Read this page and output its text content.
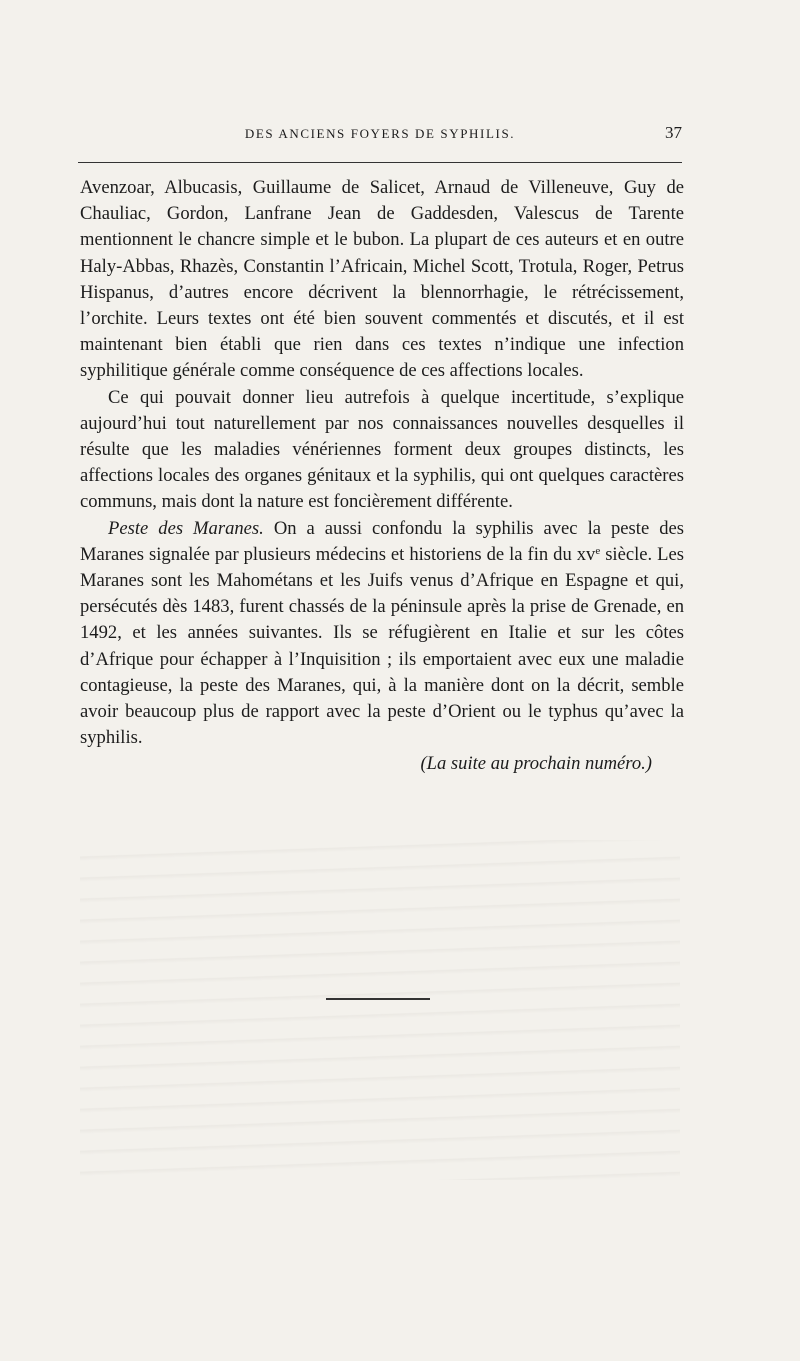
DES ANCIENS FOYERS DE SYPHILIS.	37

Avenzoar, Albucasis, Guillaume de Salicet, Arnaud de Villeneuve, Guy de Chauliac, Gordon, Lanfrane Jean de Gaddesden, Valescus de Tarente mentionnent le chancre simple et le bubon. La plupart de ces auteurs et en outre Haly-Abbas, Rhazès, Constantin l’Africain, Michel Scott, Trotula, Roger, Petrus Hispanus, d’autres encore décrivent la blennorrhagie, le rétrécissement, l’orchite. Leurs textes ont été bien souvent commentés et discutés, et il est maintenant bien établi que rien dans ces textes n’indique une infection syphilitique générale comme conséquence de ces affections locales.

Ce qui pouvait donner lieu autrefois à quelque incertitude, s’explique aujourd’hui tout naturellement par nos connaissances nouvelles desquelles il résulte que les maladies vénériennes forment deux groupes distincts, les affections locales des organes génitaux et la syphilis, qui ont quelques caractères communs, mais dont la nature est foncièrement différente.

Peste des Maranes. On a aussi confondu la syphilis avec la peste des Maranes signalée par plusieurs médecins et historiens de la fin du $xv^e$ siècle. Les Maranes sont les Mahométans et les Juifs venus d’Afrique en Espagne et qui, persécutés dès 1483, furent chassés de la péninsule après la prise de Grenade, en 1492, et les années suivantes. Ils se réfugièrent en Italie et sur les côtes d’Afrique pour échapper à l’Inquisition ; ils emportaient avec eux une maladie contagieuse, la peste des Maranes, qui, à la manière dont on la décrit, semble avoir beaucoup plus de rapport avec la peste d’Orient ou le typhus qu’avec la syphilis.

(La suite au prochain numéro.)
